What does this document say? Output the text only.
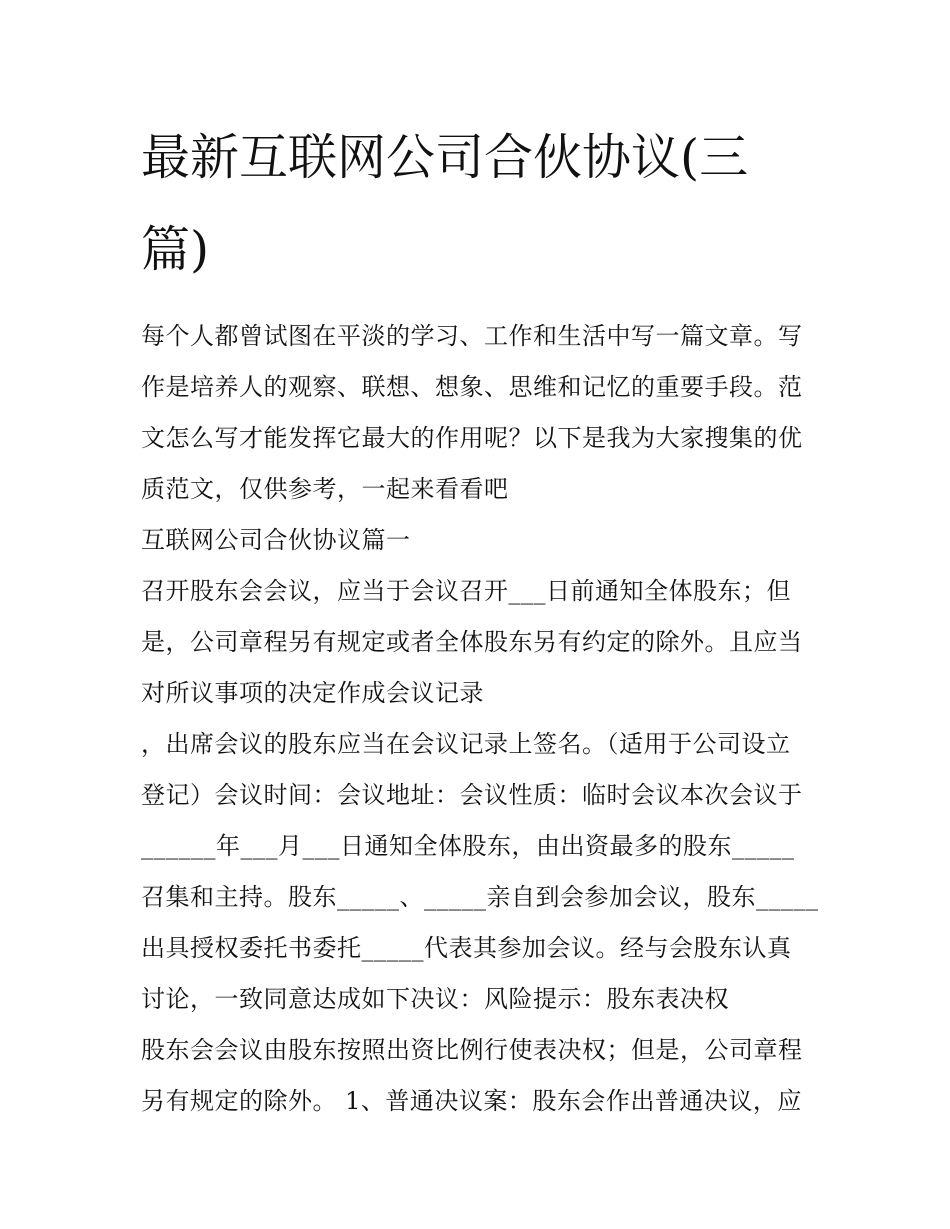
最新互联网公司合伙协议(三
篇)
每个人都曾试图在平淡的学习、工作和生活中写一篇文章。写
作是培养人的观察、联想、想象、思维和记忆的重要手段。范
文怎么写才能发挥它最大的作用呢？以下是我为大家搜集的优
质范文，仅供参考，一起来看看吧
互联网公司合伙协议篇一
召开股东会会议，应当于会议召开___日前通知全体股东；但
是，公司章程另有规定或者全体股东另有约定的除外。且应当
对所议事项的决定作成会议记录
，出席会议的股东应当在会议记录上签名。（适用于公司设立
登记）会议时间：会议地址：会议性质：临时会议本次会议于
______年___月___日通知全体股东，由出资最多的股东_____
召集和主持。股东_____、_____亲自到会参加会议，股东_____
出具授权委托书委托_____代表其参加会议。经与会股东认真
讨论，一致同意达成如下决议：风险提示：股东表决权
股东会会议由股东按照出资比例行使表决权；但是，公司章程
另有规定的除外。 1、普通决议案：股东会作出普通决议，应
